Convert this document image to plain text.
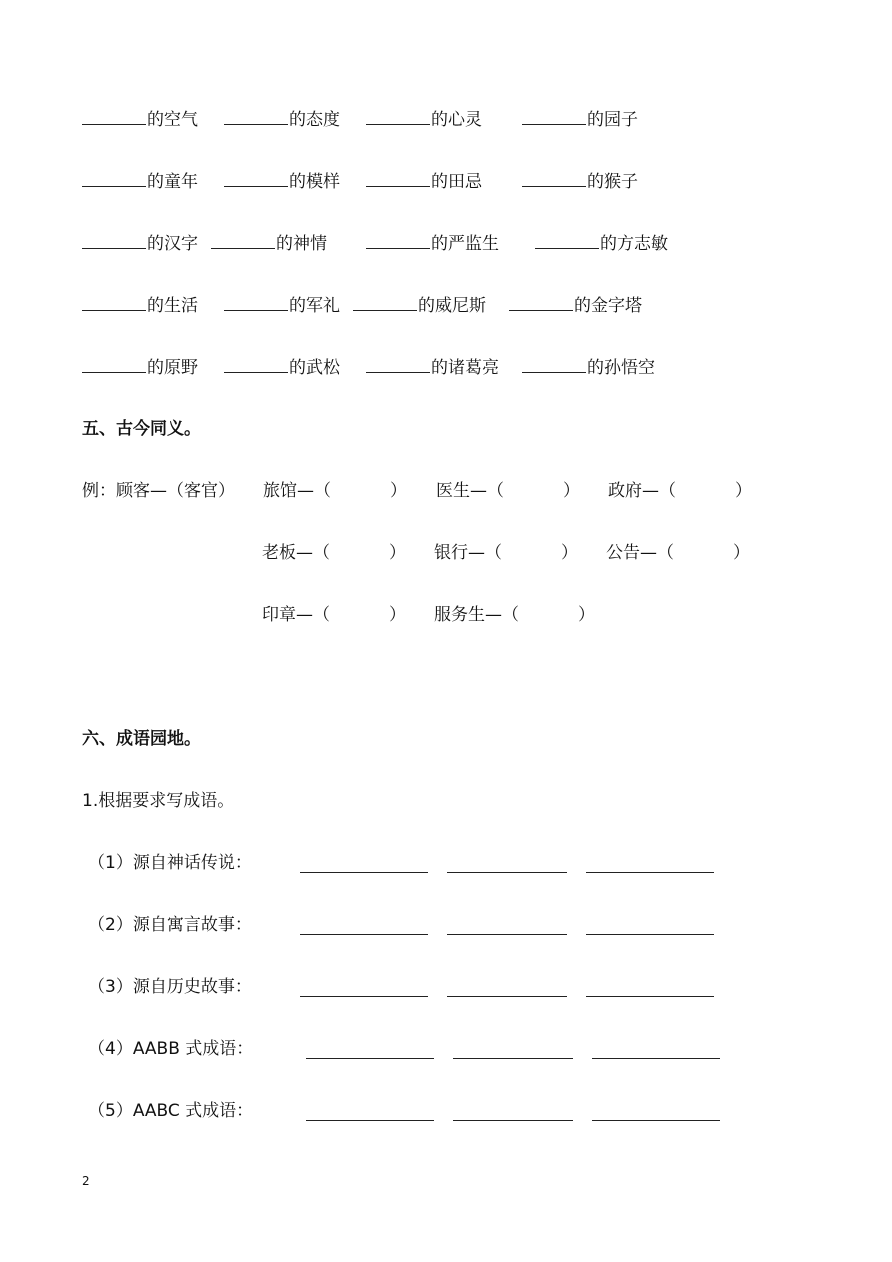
的空气	的态度	的心灵	的园子
的童年	的模样	的田忌	的猴子
的汉字	的神情	的严监生	的方志敏
的生活	的军礼	的威尼斯	的金字塔
的原野	的武松	的诸葛亮	的孙悟空
五、古今同义。
例：顾客—（客官） 旅馆—（	） 医生—（	） 政府—（	）
老板—（	） 银行—（	） 公告—（	）
印章—（	） 服务生—（	）
六、成语园地。
1.根据要求写成语。
（1）源自神话传说：
（2）源自寓言故事：
（3）源自历史故事：
（4）AABB 式成语：
（5）AABC 式成语：
2
